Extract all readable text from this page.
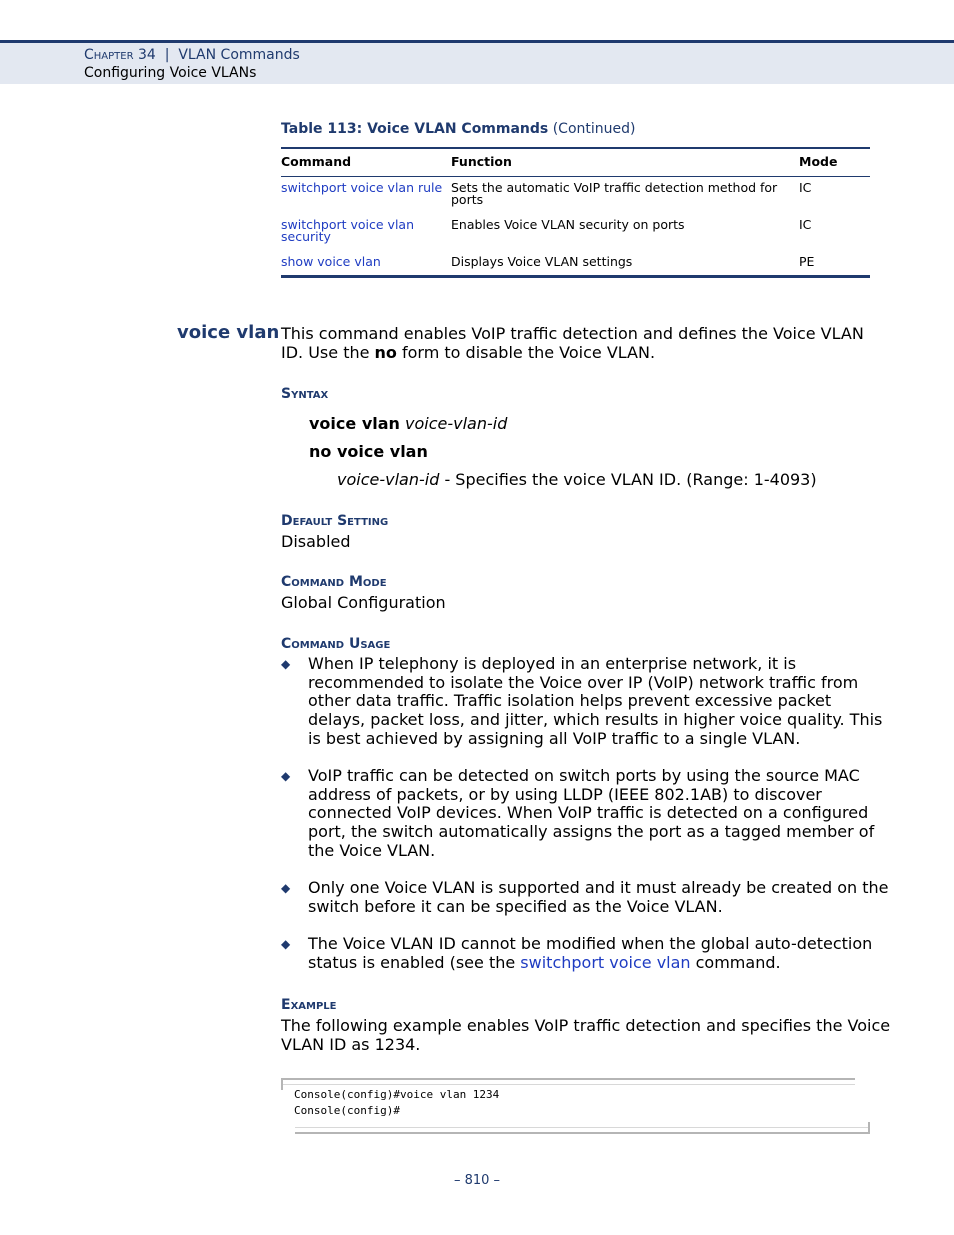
Chapter 34 | VLAN Commands
Configuring Voice VLANs
Table 113: Voice VLAN Commands (Continued)
Command	Function	Mode
switchport voice vlan rule	Sets the automatic VoIP traffic detection method for ports	IC
switchport voice vlan security	Enables Voice VLAN security on ports	IC
show voice vlan	Displays Voice VLAN settings	PE
voice vlan This command enables VoIP traffic detection and defines the Voice VLAN
ID. Use the no form to disable the Voice VLAN.
Syntax
voice vlan voice-vlan-id
no voice vlan
voice-vlan-id - Specifies the voice VLAN ID. (Range: 1-4093)
Default Setting
Disabled
Command Mode
Global Configuration
Command Usage
◆ When IP telephony is deployed in an enterprise network, it is
recommended to isolate the Voice over IP (VoIP) network traffic from
other data traffic. Traffic isolation helps prevent excessive packet
delays, packet loss, and jitter, which results in higher voice quality. This
is best achieved by assigning all VoIP traffic to a single VLAN.
◆ VoIP traffic can be detected on switch ports by using the source MAC
address of packets, or by using LLDP (IEEE 802.1AB) to discover
connected VoIP devices. When VoIP traffic is detected on a configured
port, the switch automatically assigns the port as a tagged member of
the Voice VLAN.
◆ Only one Voice VLAN is supported and it must already be created on the
switch before it can be specified as the Voice VLAN.
◆ The Voice VLAN ID cannot be modified when the global auto-detection
status is enabled (see the switchport voice vlan command.
Example
The following example enables VoIP traffic detection and specifies the Voice
VLAN ID as 1234.
Console(config)#voice vlan 1234
Console(config)#
– 810 –
